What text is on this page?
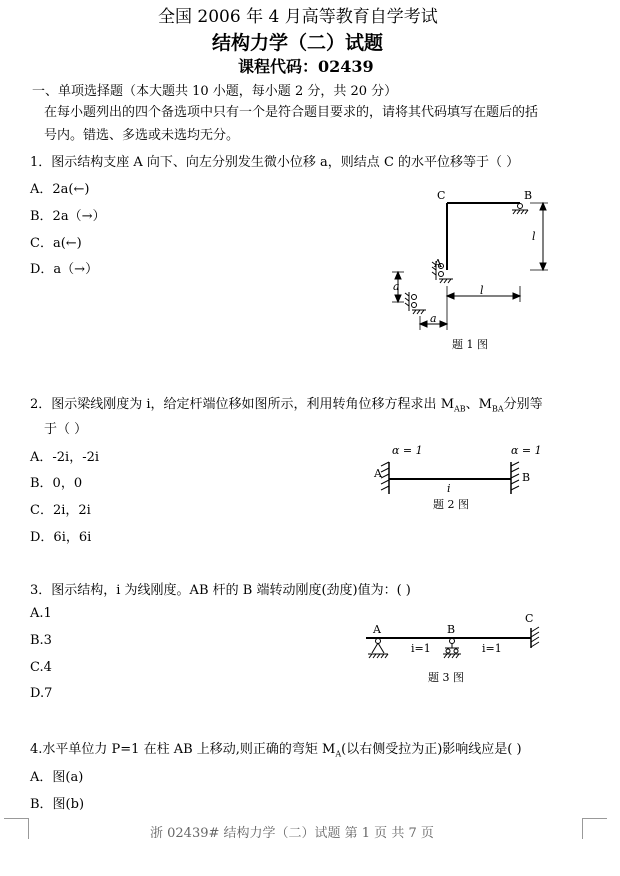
全国 2006 年 4 月高等教育自学考试
结构力学（二）试题
课程代码：02439
一、单项选择题（本大题共 10 小题，每小题 2 分，共 20 分）
在每小题列出的四个备选项中只有一个是符合题目要求的，请将其代码填写在题后的括
号内。错选、多选或未选均无分。
1．图示结构支座 A 向下、向左分别发生微小位移 a，则结点 C 的水平位移等于（ ）
A．2a(←)
B．2a（→）
C．a(←)
D．a（→）
C	B
A
l
l
a
a
题 1 图
2．图示梁线刚度为 i，给定杆端位移如图所示，利用转角位移方程求出 $M_{AB}$、$M_{BA}$分别等
于（ ）
A．-2i，-2i
B．0，0
C．2i，2i
D．6i，6i
α = 1	α = 1
A	B
i
题 2 图
3．图示结构，i 为线刚度。AB 杆的 B 端转动刚度(劲度)值为：( )
A.1
B.3
C.4
D.7
A	B
C
i=1	i=1
题 3 图
4.水平单位力 P=1 在柱 AB 上移动,则正确的弯矩 $M_A$(以右侧受拉为正)影响线应是( )
A．图(a)
B．图(b)
浙 02439# 结构力学（二）试题 第 1 页 共 7 页
